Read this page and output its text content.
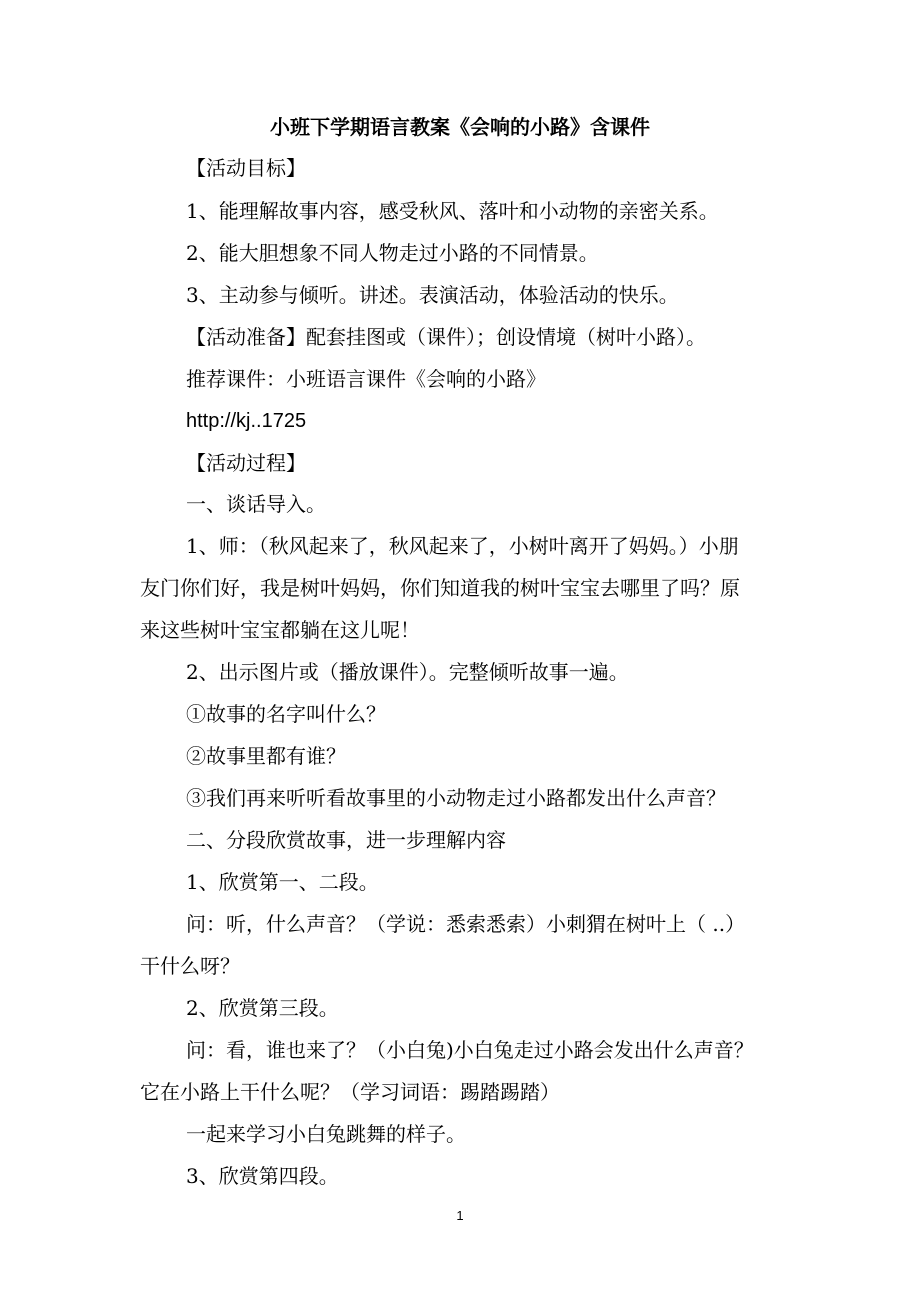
小班下学期语言教案《会响的小路》含课件
【活动目标】
1、能理解故事内容，感受秋风、落叶和小动物的亲密关系。
2、能大胆想象不同人物走过小路的不同情景。
3、主动参与倾听。讲述。表演活动，体验活动的快乐。
【活动准备】配套挂图或（课件）；创设情境（树叶小路）。
推荐课件：小班语言课件《会响的小路》
http://kj..1725
【活动过程】
一、谈话导入。
1、师：（秋风起来了，秋风起来了，小树叶离开了妈妈。）小朋
友门你们好，我是树叶妈妈，你们知道我的树叶宝宝去哪里了吗？原
来这些树叶宝宝都躺在这儿呢！
2、出示图片或（播放课件）。完整倾听故事一遍。
①故事的名字叫什么？
②故事里都有谁？
③我们再来听听看故事里的小动物走过小路都发出什么声音？
二、分段欣赏故事，进一步理解内容
1、欣赏第一、二段。
问：听，什么声音？（学说：悉索悉索）小刺猬在树叶上（ ..）
干什么呀？
2、欣赏第三段。
问：看，谁也来了？（小白兔)小白兔走过小路会发出什么声音？
它在小路上干什么呢？（学习词语：踢踏踢踏）
一起来学习小白兔跳舞的样子。
3、欣赏第四段。
1
